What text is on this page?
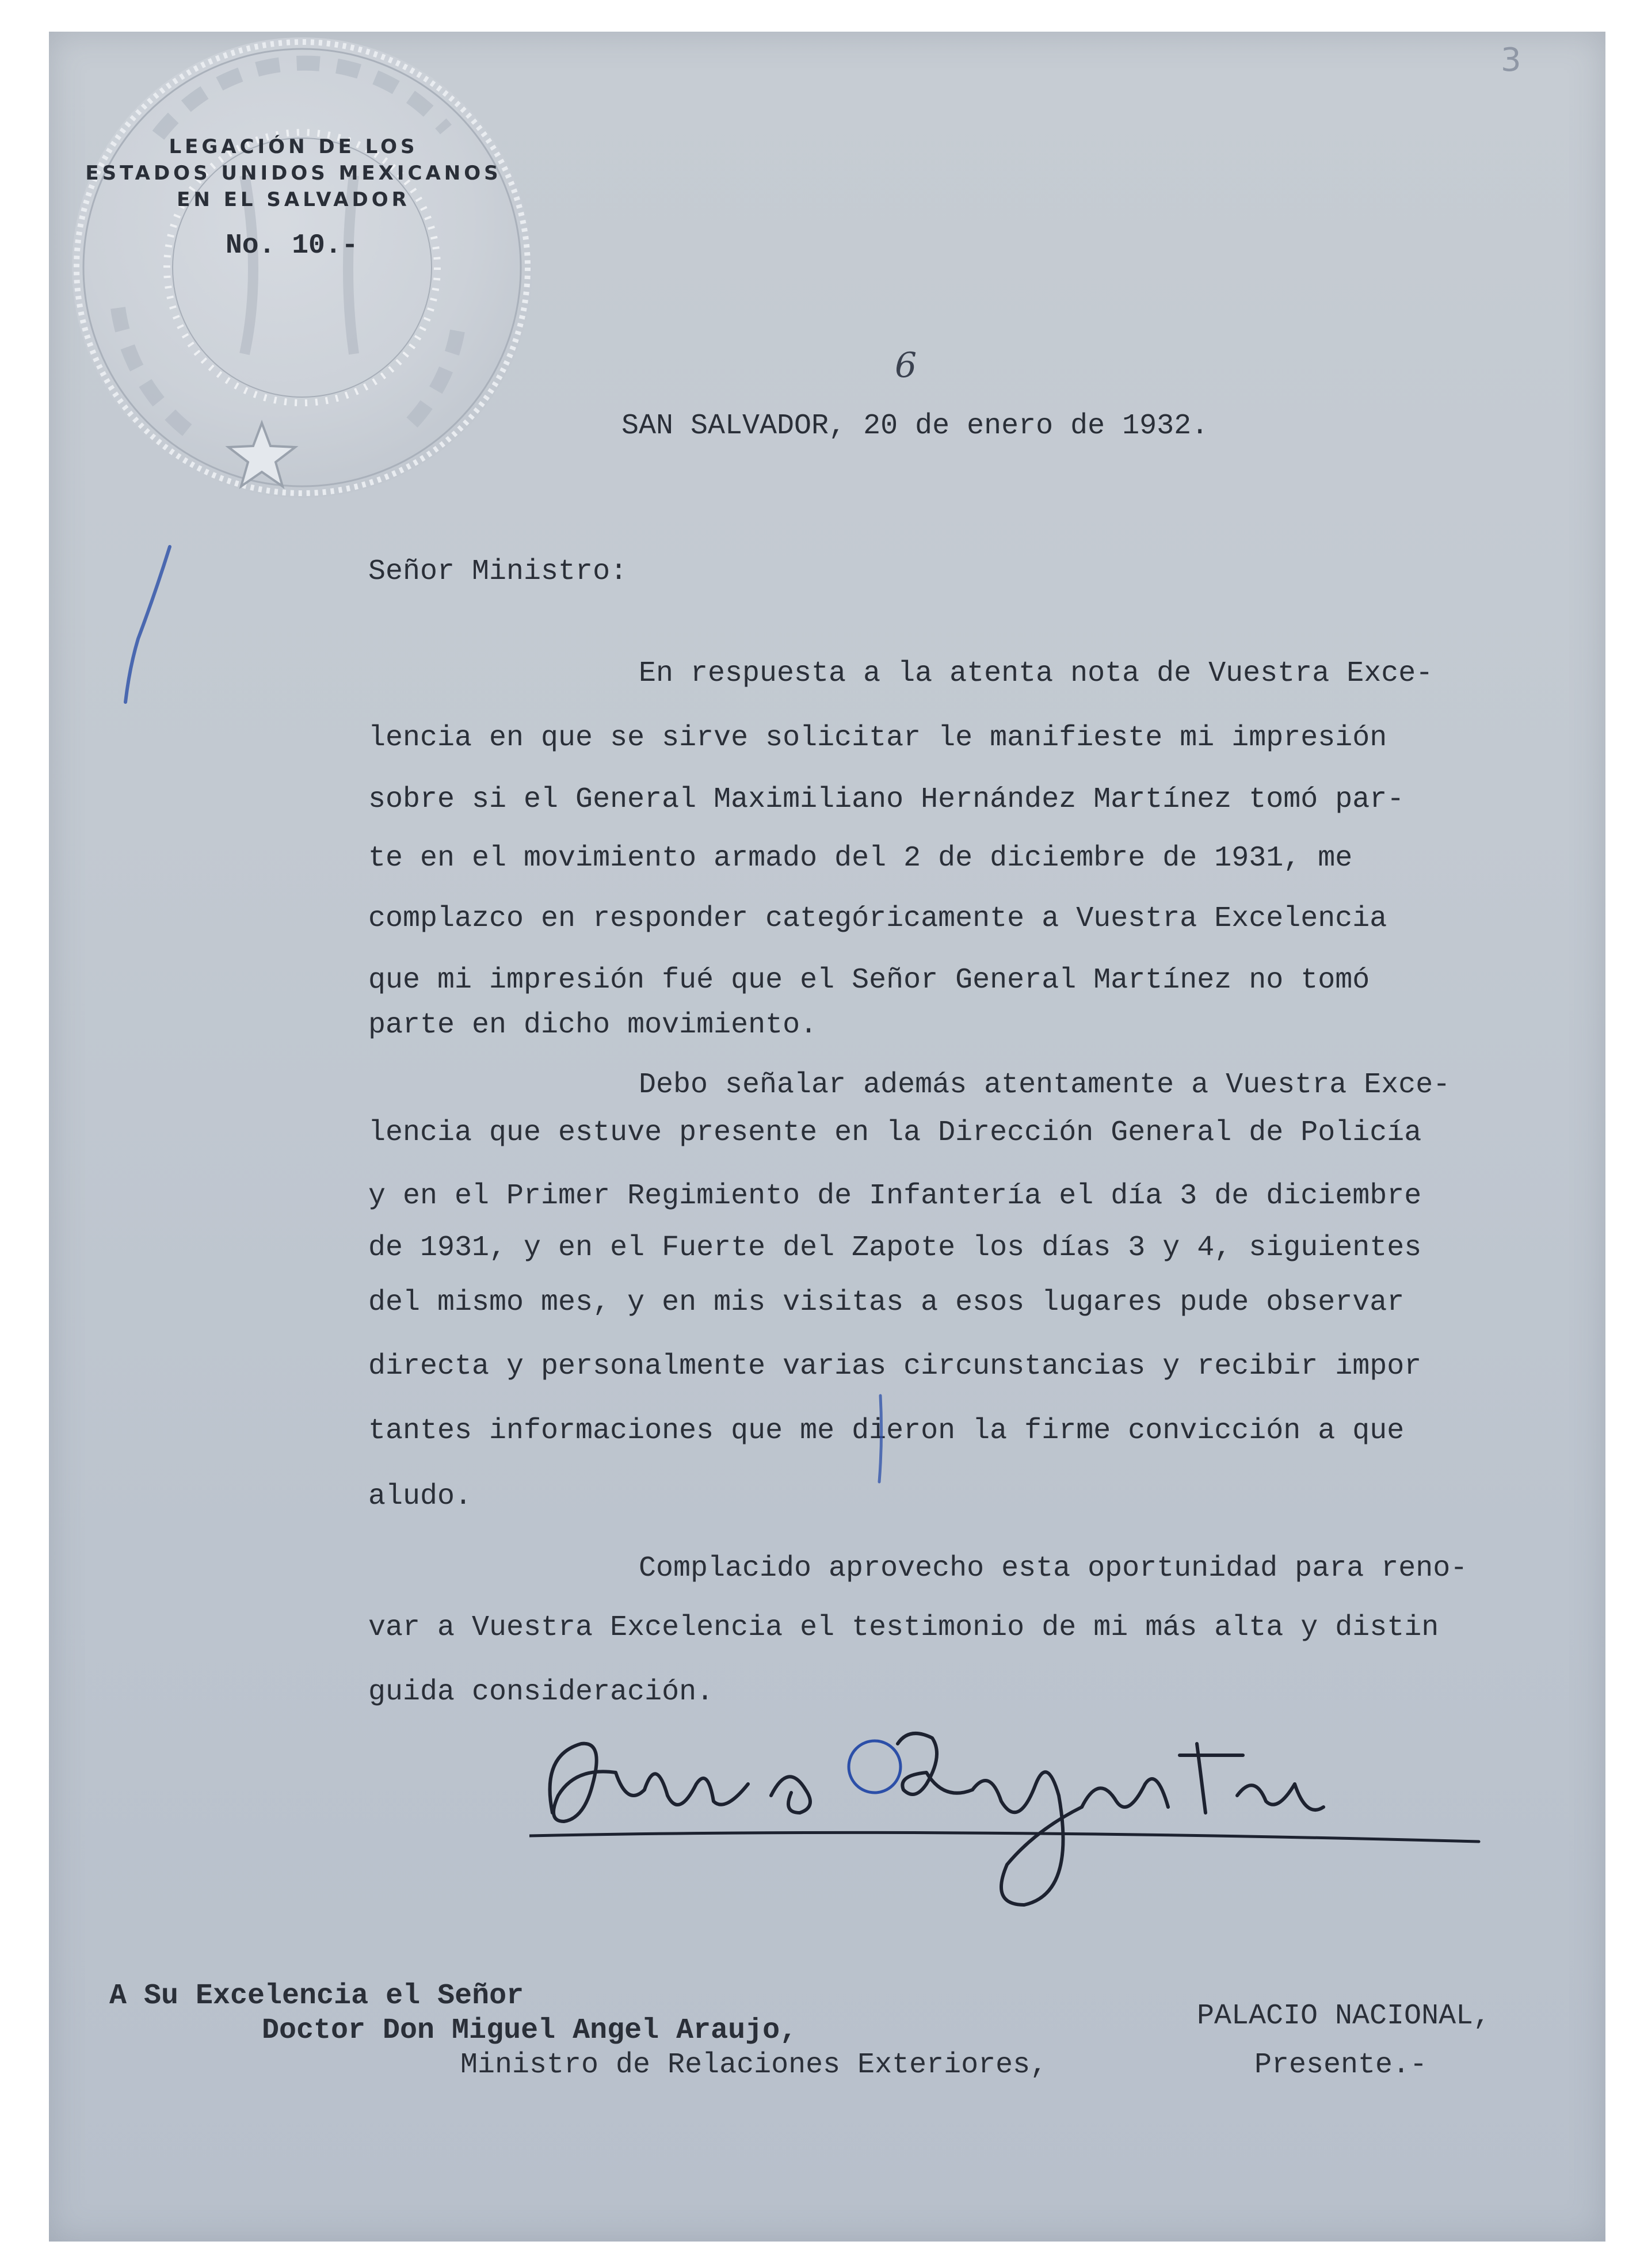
LEGACIÓN DE LOS
ESTADOS UNIDOS MEXICANOS
EN EL SALVADOR
No. 10.-
6
3
SAN SALVADOR, 20 de enero de 1932.
Señor Ministro:
En respuesta a la atenta nota de Vuestra Exce-
lencia en que se sirve solicitar le manifieste mi impresión
sobre si el General Maximiliano Hernández Martínez tomó par-
te en el movimiento armado del 2 de diciembre de 1931, me
complazco en responder categóricamente a Vuestra Excelencia
que mi impresión fué que el Señor General Martínez no tomó
parte en dicho movimiento.
Debo señalar además atentamente a Vuestra Exce-
lencia que estuve presente en la Dirección General de Policía
y en el Primer Regimiento de Infantería el día 3 de diciembre
de 1931, y en el Fuerte del Zapote los días 3 y 4, siguientes
del mismo mes, y en mis visitas a esos lugares pude observar
directa y personalmente varias circunstancias y recibir impor
tantes informaciones que me dieron la firme convicción a que
aludo.
Complacido aprovecho esta oportunidad para reno-
var a Vuestra Excelencia el testimonio de mi más alta y distin
guida consideración.
A Su Excelencia el Señor
Doctor Don Miguel Angel Araujo,
Ministro de Relaciones Exteriores,
PALACIO NACIONAL,
Presente.-
